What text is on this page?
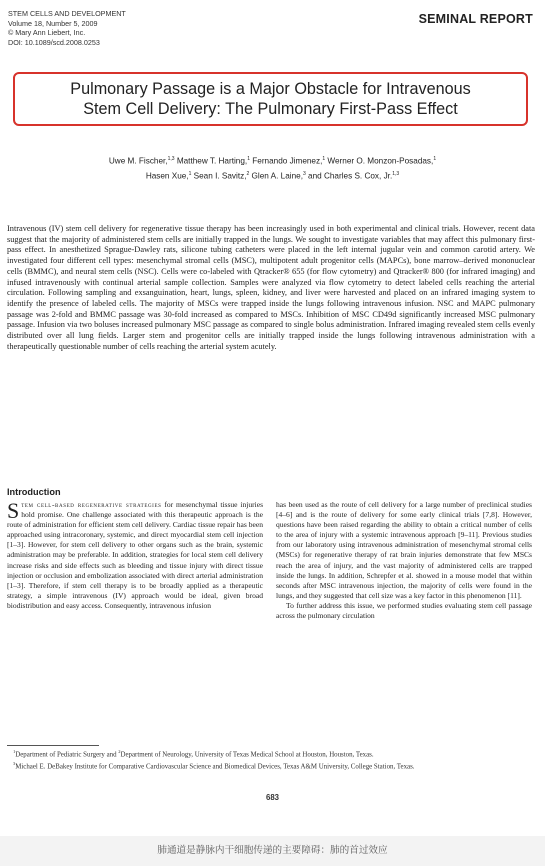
STEM CELLS AND DEVELOPMENT
Volume 18, Number 5, 2009
© Mary Ann Liebert, Inc.
DOI: 10.1089/scd.2008.0253
SEMINAL REPORT
Pulmonary Passage is a Major Obstacle for Intravenous
Stem Cell Delivery: The Pulmonary First-Pass Effect
Uwe M. Fischer,$^{1,3}$ Matthew T. Harting,$^1$ Fernando Jimenez,$^1$ Werner O. Monzon-Posadas,$^1$
Hasen Xue,$^1$ Sean I. Savitz,$^2$ Glen A. Laine,$^3$ and Charles S. Cox, Jr.$^{1,3}$
Intravenous (IV) stem cell delivery for regenerative tissue therapy has been increasingly used in both experimental and clinical trials. However, recent data suggest that the majority of administered stem cells are initially trapped in the lungs. We sought to investigate variables that may affect this pulmonary first-pass effect. In anesthetized Sprague-Dawley rats, silicone tubing catheters were placed in the left internal jugular vein and common carotid artery. We investigated four different cell types: mesenchymal stromal cells (MSC), multipotent adult progenitor cells (MAPCs), bone marrow–derived mononuclear cells (BMMC), and neural stem cells (NSC). Cells were co-labeled with Qtracker® 655 (for flow cytometry) and Qtracker® 800 (for infrared imaging) and infused intravenously with continual arterial sample collection. Samples were analyzed via flow cytometry to detect labeled cells reaching the arterial circulation. Following sampling and exsanguination, heart, lungs, spleen, kidney, and liver were harvested and placed on an infrared imaging system to identify the presence of labeled cells. The majority of MSCs were trapped inside the lungs following intravenous infusion. NSC and MAPC pulmonary passage was 2-fold and BMMC passage was 30-fold increased as compared to MSCs. Inhibition of MSC CD49d significantly increased MSC pulmonary passage. Infusion via two boluses increased pulmonary MSC passage as compared to single bolus administration. Infrared imaging revealed stem cells evenly distributed over all lung fields. Larger stem and progenitor cells are initially trapped inside the lungs following intravenous administration with a therapeutically questionable number of cells reaching the arterial system acutely.
Introduction

Stem cell-based regenerative strategies for mesenchymal tissue injuries hold promise. One challenge associated with this therapeutic approach is the route of administration for efficient stem cell delivery. Cardiac tissue repair has been approached using intracoronary, systemic, and direct myocardial stem cell injection [1–3]. However, for stem cell delivery to other organs such as the brain, systemic administration may be preferable. In addition, strategies for local stem cell delivery increase risks and side effects such as bleeding and tissue injury with direct tissue injection or occlusion and embolization associated with direct arterial administration [1–3]. Therefore, if stem cell therapy is to be broadly applied as a therapeutic strategy, a simple intravenous (IV) approach would be ideal, given broad biodistribution and easy access. Consequently, intravenous infusion

has been used as the route of cell delivery for a large number of preclinical studies [4–6] and is the route of delivery for some early clinical trials [7,8]. However, questions have been raised regarding the ability to obtain a critical number of cells to the area of injury with a systemic intravenous approach [9–11]. Previous studies from our laboratory using intravenous administration of mesenchymal stromal cells (MSCs) for regenerative therapy of rat brain injuries demonstrate that few MSCs reach the area of injury, and the vast majority of administered cells are trapped inside the lungs. In addition, Schrepfer et al. showed in a mouse model that within seconds after MSC intravenous injection, the majority of cells were found in the lungs, and they suggested that cell size was a key factor in this phenomenon [11].

To further address this issue, we performed studies evaluating stem cell passage across the pulmonary circulation

$^1$Department of Pediatric Surgery and $^2$Department of Neurology, University of Texas Medical School at Houston, Houston, Texas.
$^3$Michael E. DeBakey Institute for Comparative Cardiovascular Science and Biomedical Devices, Texas A&M University, College Station, Texas.
683
肺通道是静脉内干细胞传递的主要障碍：肺的首过效应
